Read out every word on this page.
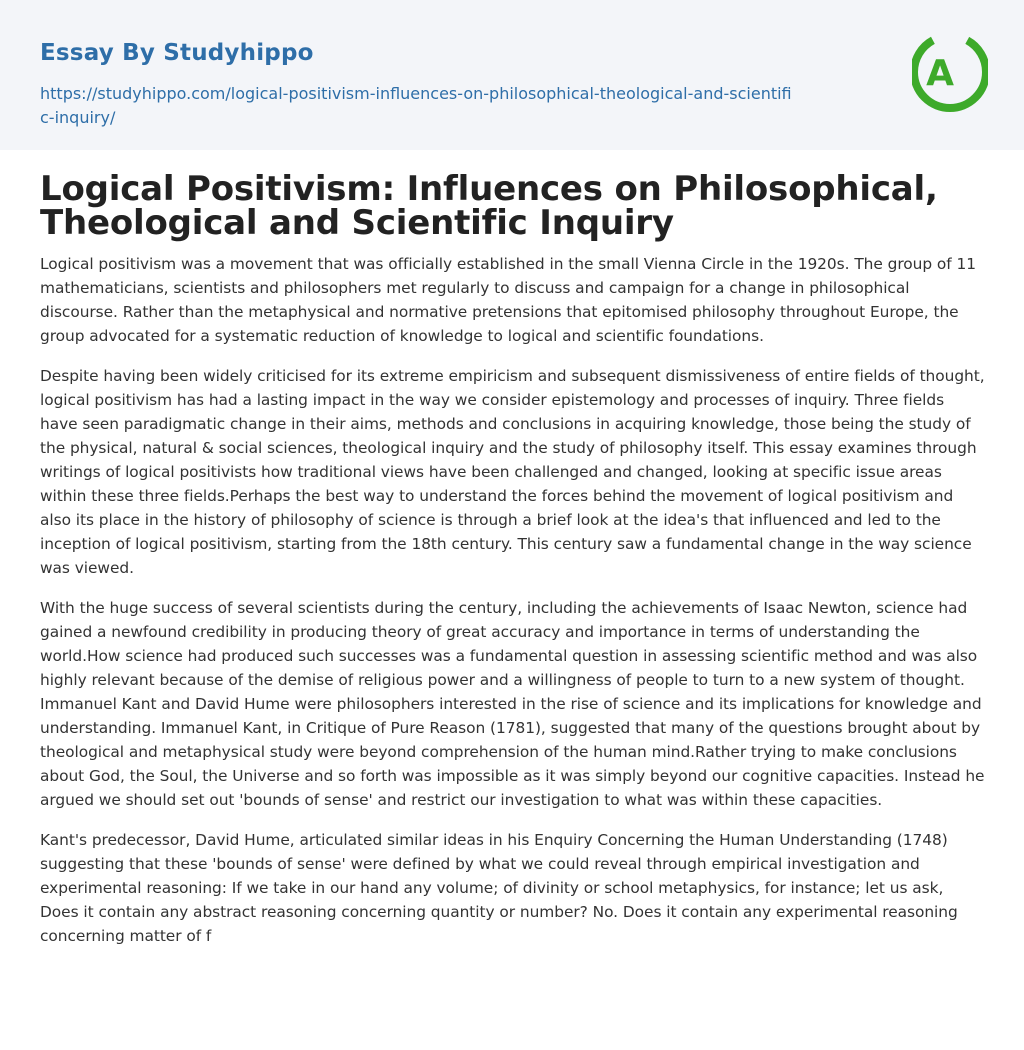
Essay By Studyhippo
https://studyhippo.com/logical-positivism-influences-on-philosophical-theological-and-scientific-inquiry/
A
Logical Positivism: Influences on Philosophical, Theological and Scientific Inquiry

Logical positivism was a movement that was officially established in the small Vienna Circle in the 1920s. The group of 11 mathematicians, scientists and philosophers met regularly to discuss and campaign for a change in philosophical discourse. Rather than the metaphysical and normative pretensions that epitomised philosophy throughout Europe, the group advocated for a systematic reduction of knowledge to logical and scientific foundations.

Despite having been widely criticised for its extreme empiricism and subsequent dismissiveness of entire fields of thought, logical positivism has had a lasting impact in the way we consider epistemology and processes of inquiry. Three fields have seen paradigmatic change in their aims, methods and conclusions in acquiring knowledge, those being the study of the physical, natural & social sciences, theological inquiry and the study of philosophy itself. This essay examines through writings of logical positivists how traditional views have been challenged and changed, looking at specific issue areas within these three fields.Perhaps the best way to understand the forces behind the movement of logical positivism and also its place in the history of philosophy of science is through a brief look at the idea's that influenced and led to the inception of logical positivism, starting from the 18th century. This century saw a fundamental change in the way science was viewed.

With the huge success of several scientists during the century, including the achievements of Isaac Newton, science had gained a newfound credibility in producing theory of great accuracy and importance in terms of understanding the world.How science had produced such successes was a fundamental question in assessing scientific method and was also highly relevant because of the demise of religious power and a willingness of people to turn to a new system of thought. Immanuel Kant and David Hume were philosophers interested in the rise of science and its implications for knowledge and understanding. Immanuel Kant, in Critique of Pure Reason (1781), suggested that many of the questions brought about by theological and metaphysical study were beyond comprehension of the human mind.Rather trying to make conclusions about God, the Soul, the Universe and so forth was impossible as it was simply beyond our cognitive capacities. Instead he argued we should set out 'bounds of sense' and restrict our investigation to what was within these capacities.

Kant's predecessor, David Hume, articulated similar ideas in his Enquiry Concerning the Human Understanding (1748) suggesting that these 'bounds of sense' were defined by what we could reveal through empirical investigation and experimental reasoning: If we take in our hand any volume; of divinity or school metaphysics, for instance; let us ask, Does it contain any abstract reasoning concerning quantity or number? No. Does it contain any experimental reasoning concerning matter of f
